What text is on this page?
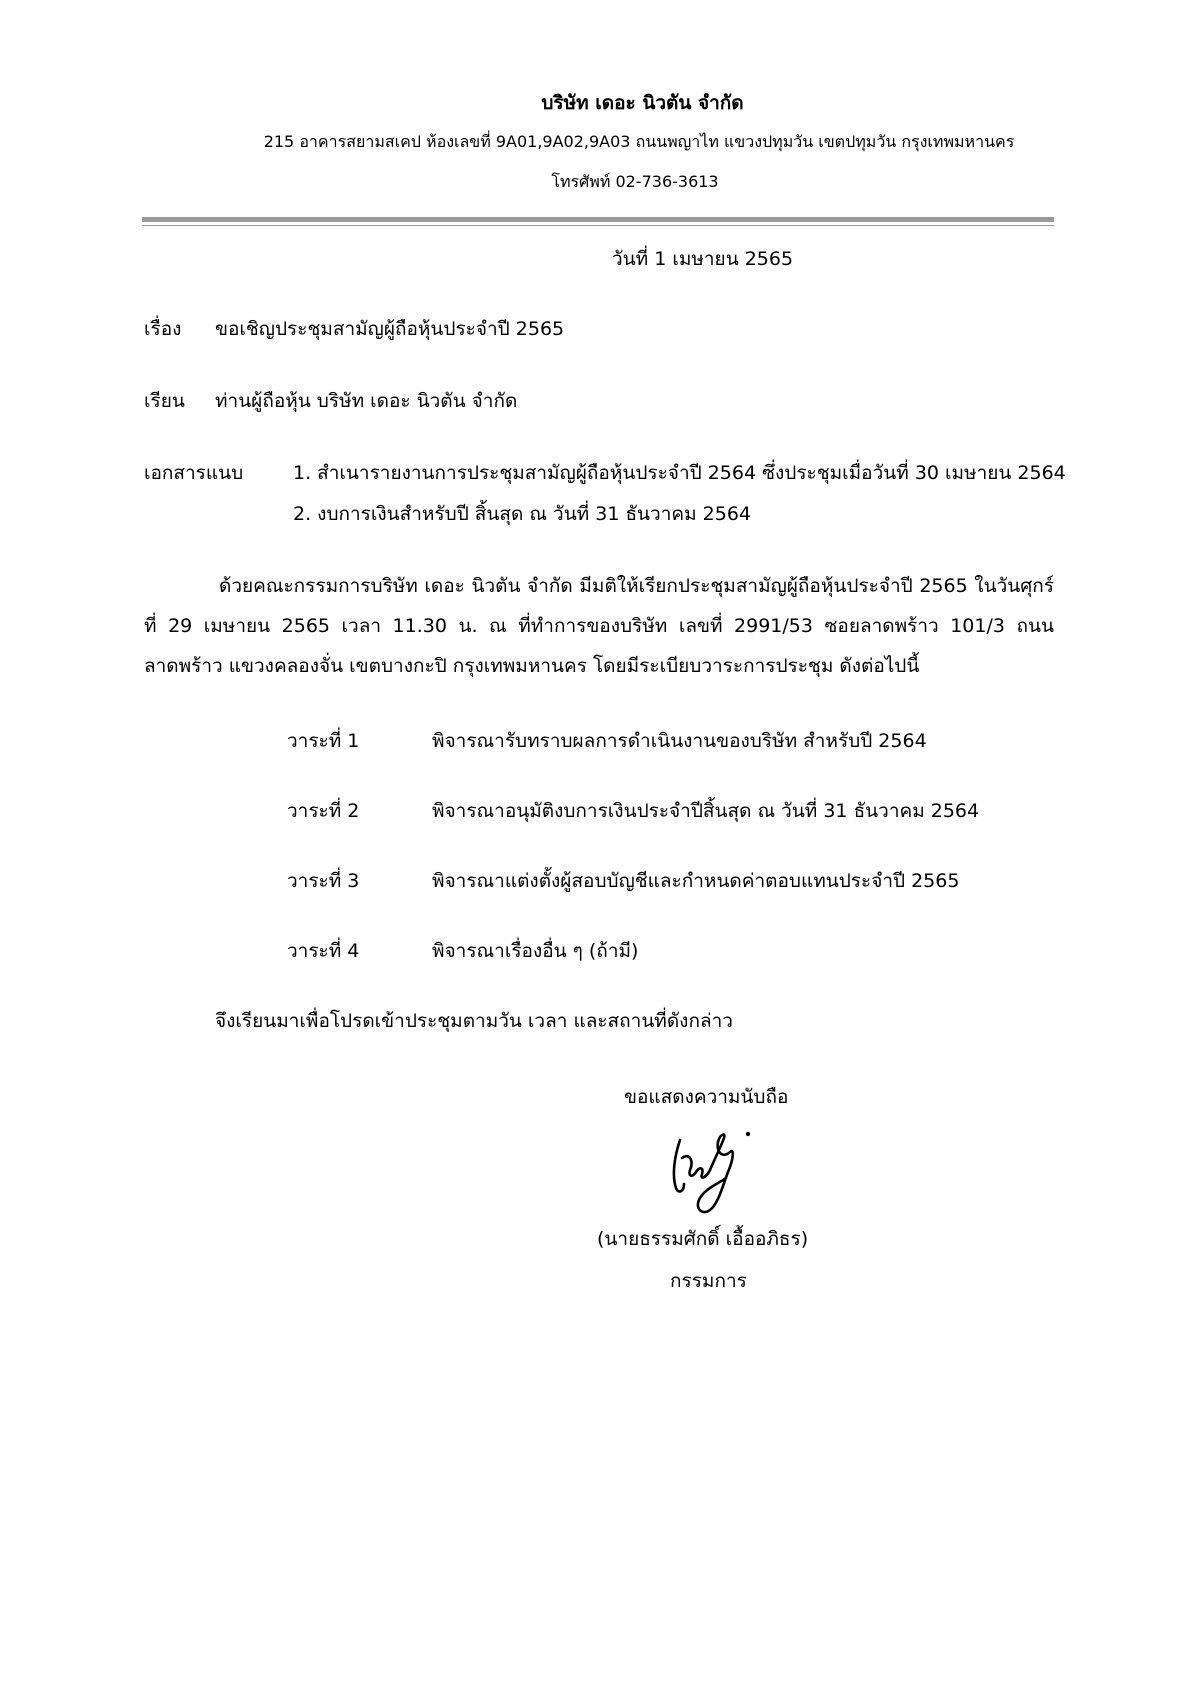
บริษัท เดอะ นิวตัน จำกัด
215 อาคารสยามสเคป ห้องเลขที่ 9A01,9A02,9A03 ถนนพญาไท แขวงปทุมวัน เขตปทุมวัน กรุงเทพมหานคร
โทรศัพท์ 02-736-3613
วันที่ 1 เมษายน 2565
เรื่อง ขอเชิญประชุมสามัญผู้ถือหุ้นประจำปี 2565
เรียน ท่านผู้ถือหุ้น บริษัท เดอะ นิวตัน จำกัด
เอกสารแนบ	1. สำเนารายงานการประชุมสามัญผู้ถือหุ้นประจำปี 2564 ซึ่งประชุมเมื่อวันที่ 30 เมษายน 2564
2. งบการเงินสำหรับปี สิ้นสุด ณ วันที่ 31 ธันวาคม 2564
ด้วยคณะกรรมการบริษัท เดอะ นิวตัน จำกัด มีมติให้เรียกประชุมสามัญผู้ถือหุ้นประจำปี 2565 ในวันศุกร์ที่ 29 เมษายน 2565 เวลา 11.30 น. ณ ที่ทำการของบริษัท เลขที่ 2991/53 ซอยลาดพร้าว 101/3 ถนนลาดพร้าว แขวงคลองจั่น เขตบางกะปิ กรุงเทพมหานคร โดยมีระเบียบวาระการประชุม ดังต่อไปนี้
วาระที่ 1	พิจารณารับทราบผลการดำเนินงานของบริษัท สำหรับปี 2564
วาระที่ 2	พิจารณาอนุมัติงบการเงินประจำปีสิ้นสุด ณ วันที่ 31 ธันวาคม 2564
วาระที่ 3	พิจารณาแต่งตั้งผู้สอบบัญชีและกำหนดค่าตอบแทนประจำปี 2565
วาระที่ 4	พิจารณาเรื่องอื่น ๆ (ถ้ามี)
จึงเรียนมาเพื่อโปรดเข้าประชุมตามวัน เวลา และสถานที่ดังกล่าว
ขอแสดงความนับถือ
(นายธรรมศักดิ์ เอื้ออภิธร)
กรรมการ
